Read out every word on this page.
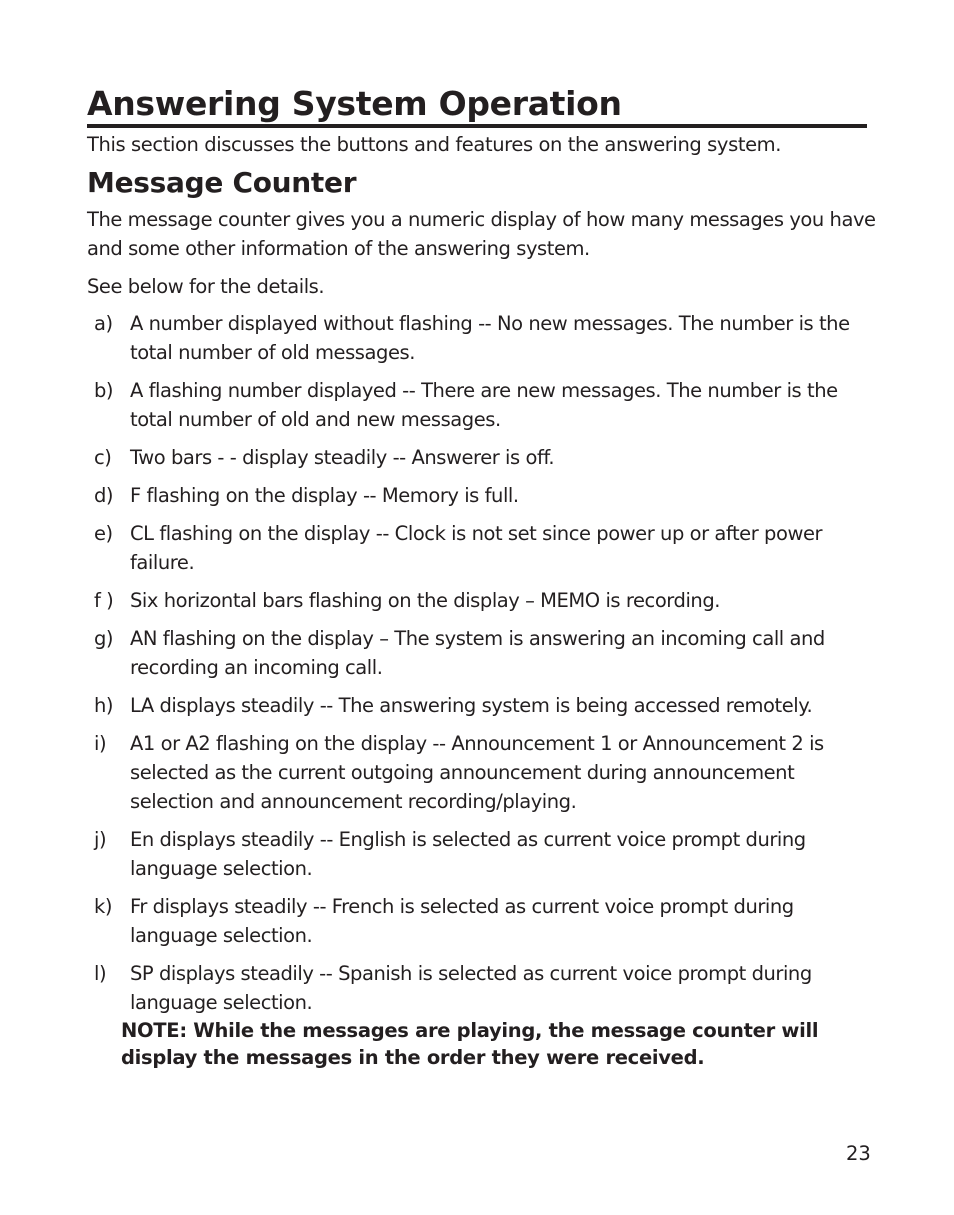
Answering System Operation

This section discusses the buttons and features on the answering system.

Message Counter

The message counter gives you a numeric display of how many messages you have and some other information of the answering system.

See below for the details.

a) A number displayed without flashing -- No new messages. The number is the total number of old messages.
b) A flashing number displayed -- There are new messages. The number is the total number of old and new messages.
c) Two bars - - display steadily -- Answerer is off.
d) F flashing on the display -- Memory is full.
e) CL flashing on the display -- Clock is not set since power up or after power failure.
f ) Six horizontal bars flashing on the display – MEMO is recording.
g) AN flashing on the display – The system is answering an incoming call and recording an incoming call.
h) LA displays steadily -- The answering system is being accessed remotely.
i) A1 or A2 flashing on the display -- Announcement 1 or Announcement 2 is selected as the current outgoing announcement during announcement selection and announcement recording/playing.
j) En displays steadily -- English is selected as current voice prompt during language selection.
k) Fr displays steadily -- French is selected as current voice prompt during language selection.
l) SP displays steadily -- Spanish is selected as current voice prompt during language selection.

NOTE: While the messages are playing, the message counter will display the messages in the order they were received.

23
